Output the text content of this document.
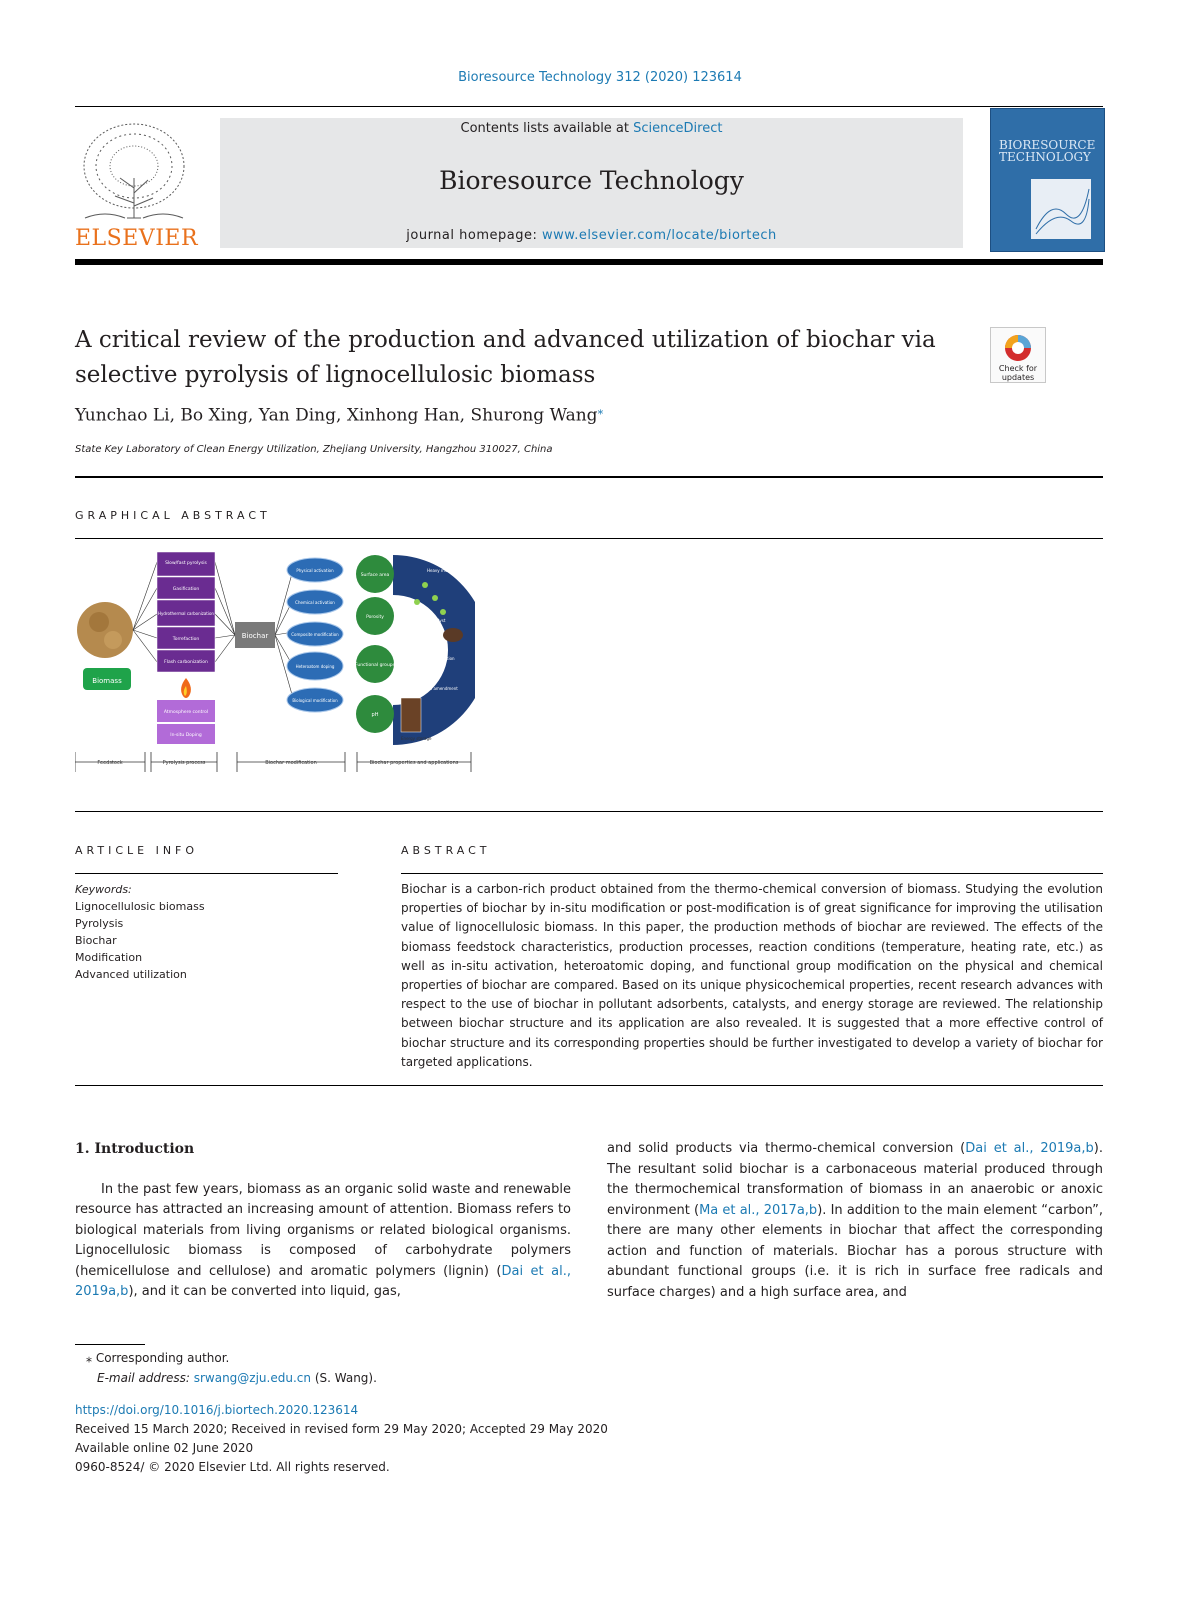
Bioresource Technology 312 (2020) 123614
ELSEVIER
Contents lists available at ScienceDirect
Bioresource Technology
journal homepage: www.elsevier.com/locate/biortech
BIORESOURCE TECHNOLOGY
A critical review of the production and advanced utilization of biochar via selective pyrolysis of lignocellulosic biomass	Check for updates
Yunchao Li, Bo Xing, Yan Ding, Xinhong Han, Shurong Wang⁎
State Key Laboratory of Clean Energy Utilization, Zhejiang University, Hangzhou 310027, China
GRAPHICAL ABSTRACT
Biomass
Slow/fast pyrolysis
Gasification
Hydrothermal carbonization
Torrefaction
Flash carbonization
Atmosphere control
In-situ Doping
Biochar
Physical activation
Chemical activation
Composite modification
Heteroatom doping
Biological modification
Heavy metal adsorption
Catalyst
Adsorption
Soil amendment
Energy storage
Surface area
Porosity
Functional groups
pH
Feedstock	Pyrolysis process	Biochar modification	Biochar properties and applications
ARTICLE INFO
Keywords:
Lignocellulosic biomass
Pyrolysis
Biochar
Modification
Advanced utilization
ABSTRACT
Biochar is a carbon-rich product obtained from the thermo-chemical conversion of biomass. Studying the evolution properties of biochar by in-situ modification or post-modification is of great significance for improving the utilisation value of lignocellulosic biomass. In this paper, the production methods of biochar are reviewed. The effects of the biomass feedstock characteristics, production processes, reaction conditions (temperature, heating rate, etc.) as well as in-situ activation, heteroatomic doping, and functional group modification on the physical and chemical properties of biochar are compared. Based on its unique physicochemical properties, recent research advances with respect to the use of biochar in pollutant adsorbents, catalysts, and energy storage are reviewed. The relationship between biochar structure and its application are also revealed. It is suggested that a more effective control of biochar structure and its corresponding properties should be further investigated to develop a variety of biochar for targeted applications.
1. Introduction

In the past few years, biomass as an organic solid waste and renewable resource has attracted an increasing amount of attention. Biomass refers to biological materials from living organisms or related biological organisms. Lignocellulosic biomass is composed of carbohydrate polymers (hemicellulose and cellulose) and aromatic polymers (lignin) (Dai et al., 2019a,b), and it can be converted into liquid, gas,

and solid products via thermo-chemical conversion (Dai et al., 2019a,b). The resultant solid biochar is a carbonaceous material produced through the thermochemical transformation of biomass in an anaerobic or anoxic environment (Ma et al., 2017a,b). In addition to the main element “carbon”, there are many other elements in biochar that affect the corresponding action and function of materials. Biochar has a porous structure with abundant functional groups (i.e. it is rich in surface free radicals and surface charges) and a high surface area, and

⁎ Corresponding author.
E-mail address: srwang@zju.edu.cn (S. Wang).
https://doi.org/10.1016/j.biortech.2020.123614
Received 15 March 2020; Received in revised form 29 May 2020; Accepted 29 May 2020
Available online 02 June 2020
0960-8524/ © 2020 Elsevier Ltd. All rights reserved.
